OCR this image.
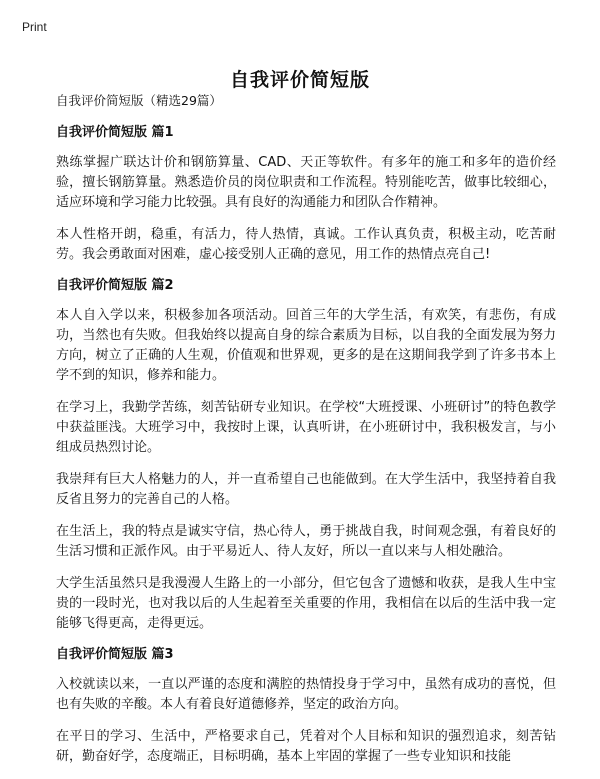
Print
自我评价简短版

自我评价简短版（精选29篇）

自我评价简短版 篇1

熟练掌握广联达计价和钢筋算量、CAD、天正等软件。有多年的施工和多年的造价经验，擅长钢筋算量。熟悉造价员的岗位职责和工作流程。特别能吃苦，做事比较细心，适应环境和学习能力比较强。具有良好的沟通能力和团队合作精神。

本人性格开朗，稳重，有活力，待人热情，真诚。工作认真负责，积极主动，吃苦耐劳。我会勇敢面对困难，虚心接受别人正确的意见，用工作的热情点亮自己!

自我评价简短版 篇2

本人自入学以来，积极参加各项活动。回首三年的大学生活，有欢笑，有悲伤，有成功，当然也有失败。但我始终以提高自身的综合素质为目标，以自我的全面发展为努力方向，树立了正确的人生观，价值观和世界观，更多的是在这期间我学到了许多书本上学不到的知识，修养和能力。

在学习上，我勤学苦练，刻苦钻研专业知识。在学校“大班授课、小班研讨”的特色教学中获益匪浅。大班学习中，我按时上课，认真听讲，在小班研讨中，我积极发言，与小组成员热烈讨论。

我崇拜有巨大人格魅力的人，并一直希望自己也能做到。在大学生活中，我坚持着自我反省且努力的完善自己的人格。

在生活上，我的特点是诚实守信，热心待人，勇于挑战自我，时间观念强，有着良好的生活习惯和正派作风。由于平易近人、待人友好，所以一直以来与人相处融洽。

大学生活虽然只是我漫漫人生路上的一小部分，但它包含了遗憾和收获，是我人生中宝贵的一段时光，也对我以后的人生起着至关重要的作用，我相信在以后的生活中我一定能够飞得更高，走得更远。

自我评价简短版 篇3

入校就读以来，一直以严谨的态度和满腔的热情投身于学习中，虽然有成功的喜悦，但也有失败的辛酸。本人有着良好道德修养，坚定的政治方向。

在平日的学习、生活中，严格要求自己，凭着对个人目标和知识的强烈追求，刻苦钻研，勤奋好学，态度端正，目标明确，基本上牢固的掌握了一些专业知识和技能
